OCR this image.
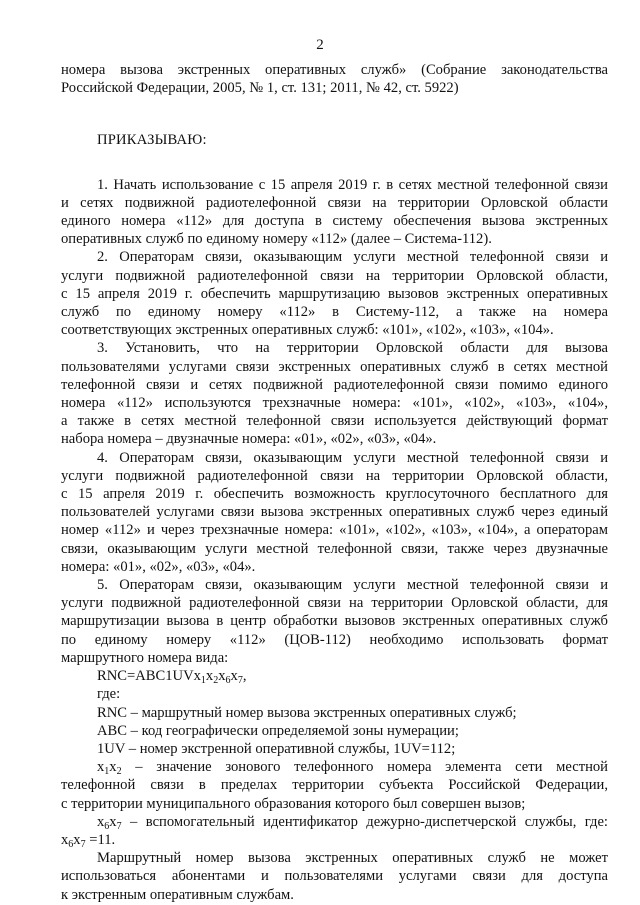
2
номера вызова экстренных оперативных служб» (Собрание законодательства
Российской Федерации, 2005, № 1, ст. 131; 2011, № 42, ст. 5922)

ПРИКАЗЫВАЮ:

1. Начать использование с 15 апреля 2019 г. в сетях местной телефонной связи
и сетях подвижной радиотелефонной связи на территории Орловской области
единого номера «112» для доступа в систему обеспечения вызова экстренных
оперативных служб по единому номеру «112» (далее – Система-112).
2. Операторам связи, оказывающим услуги местной телефонной связи и
услуги подвижной радиотелефонной связи на территории Орловской области,
с 15 апреля 2019 г. обеспечить маршрутизацию вызовов экстренных оперативных
служб по единому номеру «112» в Систему-112, а также на номера
соответствующих экстренных оперативных служб: «101», «102», «103», «104».
3. Установить, что на территории Орловской области для вызова
пользователями услугами связи экстренных оперативных служб в сетях местной
телефонной связи и сетях подвижной радиотелефонной связи помимо единого
номера «112» используются трехзначные номера: «101», «102», «103», «104»,
а также в сетях местной телефонной связи используется действующий формат
набора номера – двузначные номера: «01», «02», «03», «04».
4. Операторам связи, оказывающим услуги местной телефонной связи и
услуги подвижной радиотелефонной связи на территории Орловской области,
с 15 апреля 2019 г. обеспечить возможность круглосуточного бесплатного для
пользователей услугами связи вызова экстренных оперативных служб через единый
номер «112» и через трехзначные номера: «101», «102», «103», «104», а операторам
связи, оказывающим услуги местной телефонной связи, также через двузначные
номера: «01», «02», «03», «04».
5. Операторам связи, оказывающим услуги местной телефонной связи и
услуги подвижной радиотелефонной связи на территории Орловской области, для
маршрутизации вызова в центр обработки вызовов экстренных оперативных служб
по единому номеру «112» (ЦОВ-112) необходимо использовать формат
маршрутного номера вида:
$RNC=ABC1UVx_1x_2x_6x_7$,
где:
RNC – маршрутный номер вызова экстренных оперативных служб;
ABC – код географически определяемой зоны нумерации;
1UV – номер экстренной оперативной службы, 1UV=112;
$x_1x_2$ – значение зонового телефонного номера элемента сети местной
телефонной связи в пределах территории субъекта Российской Федерации,
с территории муниципального образования которого был совершен вызов;
$x_6x_7$ – вспомогательный идентификатор дежурно-диспетчерской службы, где:
$x_6x_7 =11$.
Маршрутный номер вызова экстренных оперативных служб не может
использоваться абонентами и пользователями услугами связи для доступа
к экстренным оперативным службам.
